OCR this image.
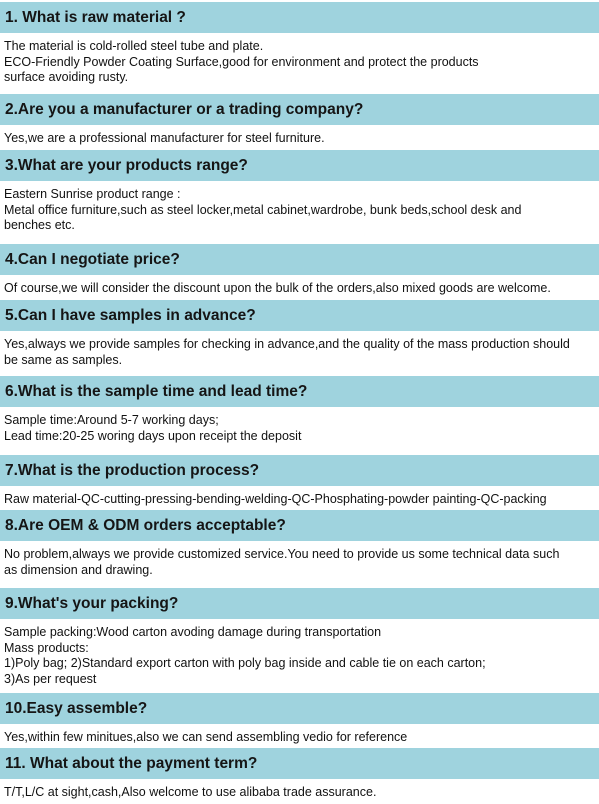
1. What is raw material ?
The material is cold-rolled steel tube and plate.
ECO-Friendly Powder Coating Surface,good for environment and protect the products
surface avoiding rusty.
2.Are you a manufacturer or a trading company?
Yes,we are a professional manufacturer for steel furniture.
3.What are your products range?
Eastern Sunrise product range :
Metal office furniture,such as steel locker,metal cabinet,wardrobe, bunk beds,school desk and
benches etc.
4.Can I negotiate price?
Of course,we will consider the discount upon the bulk of the orders,also mixed goods are welcome.
5.Can I have samples in advance?
Yes,always we provide samples for checking in advance,and the quality of the mass production should
be same as samples.
6.What is the sample time and lead time?
Sample time:Around 5-7 working days;
Lead time:20-25 woring days upon receipt the deposit
7.What is the production process?
Raw material-QC-cutting-pressing-bending-welding-QC-Phosphating-powder painting-QC-packing
8.Are OEM & ODM orders acceptable?
No problem,always we provide customized service.You need to provide us some technical data such
as dimension and drawing.
9.What's your packing?
Sample packing:Wood carton avoding damage during transportation
Mass products:
1)Poly bag; 2)Standard export carton with poly bag inside and cable tie on each carton;
3)As per request
10.Easy assemble?
Yes,within few minitues,also we can send assembling vedio for reference
11. What about the payment term?
T/T,L/C at sight,cash,Also welcome to use alibaba trade assurance.
